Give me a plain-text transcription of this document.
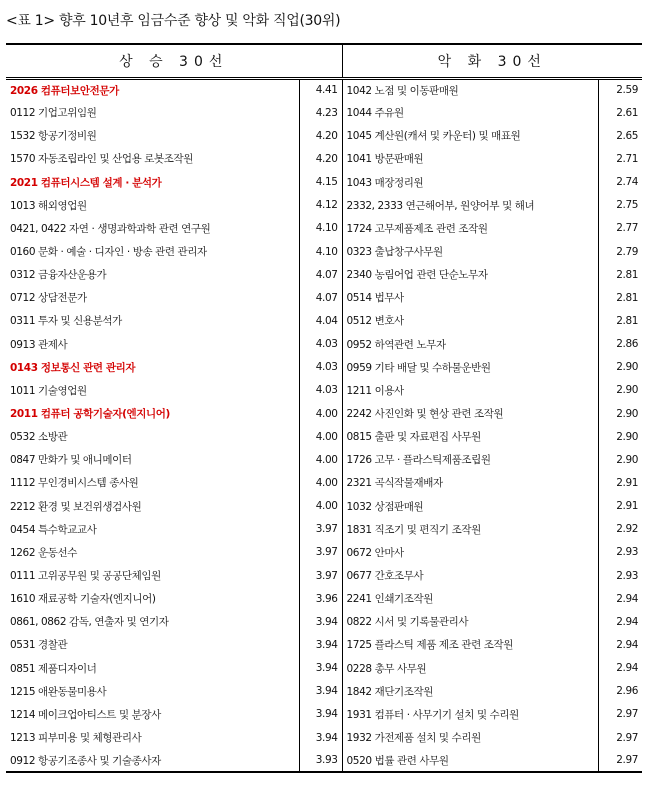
<표 1> 향후 10년후 임금수준 향상 및 악화 직업(30위)
상 승 30선		악 화 30선	
2026 컴퓨터보안전문가	4.41	1042 노점 및 이동판매원	2.59
0112 기업고위임원	4.23	1044 주유원	2.61
1532 항공기정비원	4.20	1045 계산원(캐셔 및 카운터) 및 매표원	2.65
1570 자동조립라인 및 산업용 로봇조작원	4.20	1041 방문판매원	2.71
2021 컴퓨터시스템 설계 · 분석가	4.15	1043 매장정리원	2.74
1013 해외영업원	4.12	2332, 2333 연근해어부, 원양어부 및 해녀	2.75
0421, 0422 자연 · 생명과학과학 관련 연구원	4.10	1724 고무제품제조 관련 조작원	2.77
0160 문화 · 예술 · 디자인 · 방송 관련 관리자	4.10	0323 출납창구사무원	2.79
0312 금융자산운용가	4.07	2340 농림어업 관련 단순노무자	2.81
0712 상담전문가	4.07	0514 법무사	2.81
0311 투자 및 신용분석가	4.04	0512 변호사	2.81
0913 관제사	4.03	0952 하역관련 노무자	2.86
0143 정보통신 관련 관리자	4.03	0959 기타 배달 및 수하물운반원	2.90
1011 기술영업원	4.03	1211 이용사	2.90
2011 컴퓨터 공학기술자(엔지니어)	4.00	2242 사진인화 및 현상 관련 조작원	2.90
0532 소방관	4.00	0815 출판 및 자료편집 사무원	2.90
0847 만화가 및 애니메이터	4.00	1726 고무 · 플라스틱제품조립원	2.90
1112 무인경비시스템 종사원	4.00	2321 곡식작물재배자	2.91
2212 환경 및 보건위생검사원	4.00	1032 상점판매원	2.91
0454 특수학교교사	3.97	1831 직조기 및 편직기 조작원	2.92
1262 운동선수	3.97	0672 안마사	2.93
0111 고위공무원 및 공공단체임원	3.97	0677 간호조무사	2.93
1610 재료공학 기술자(엔지니어)	3.96	2241 인쇄기조작원	2.94
0861, 0862 감독, 연출자 및 연기자	3.94	0822 시서 및 기록물관리사	2.94
0531 경찰관	3.94	1725 플라스틱 제품 제조 관련 조작원	2.94
0851 제품디자이너	3.94	0228 총무 사무원	2.94
1215 애완동물미용사	3.94	1842 재단기조작원	2.96
1214 메이크업아티스트 및 분장사	3.94	1931 컴퓨터 · 사무기기 설치 및 수리원	2.97
1213 피부미용 및 체형관리사	3.94	1932 가전제품 설치 및 수리원	2.97
0912 항공기조종사 및 기술종사자	3.93	0520 법률 관련 사무원	2.97
